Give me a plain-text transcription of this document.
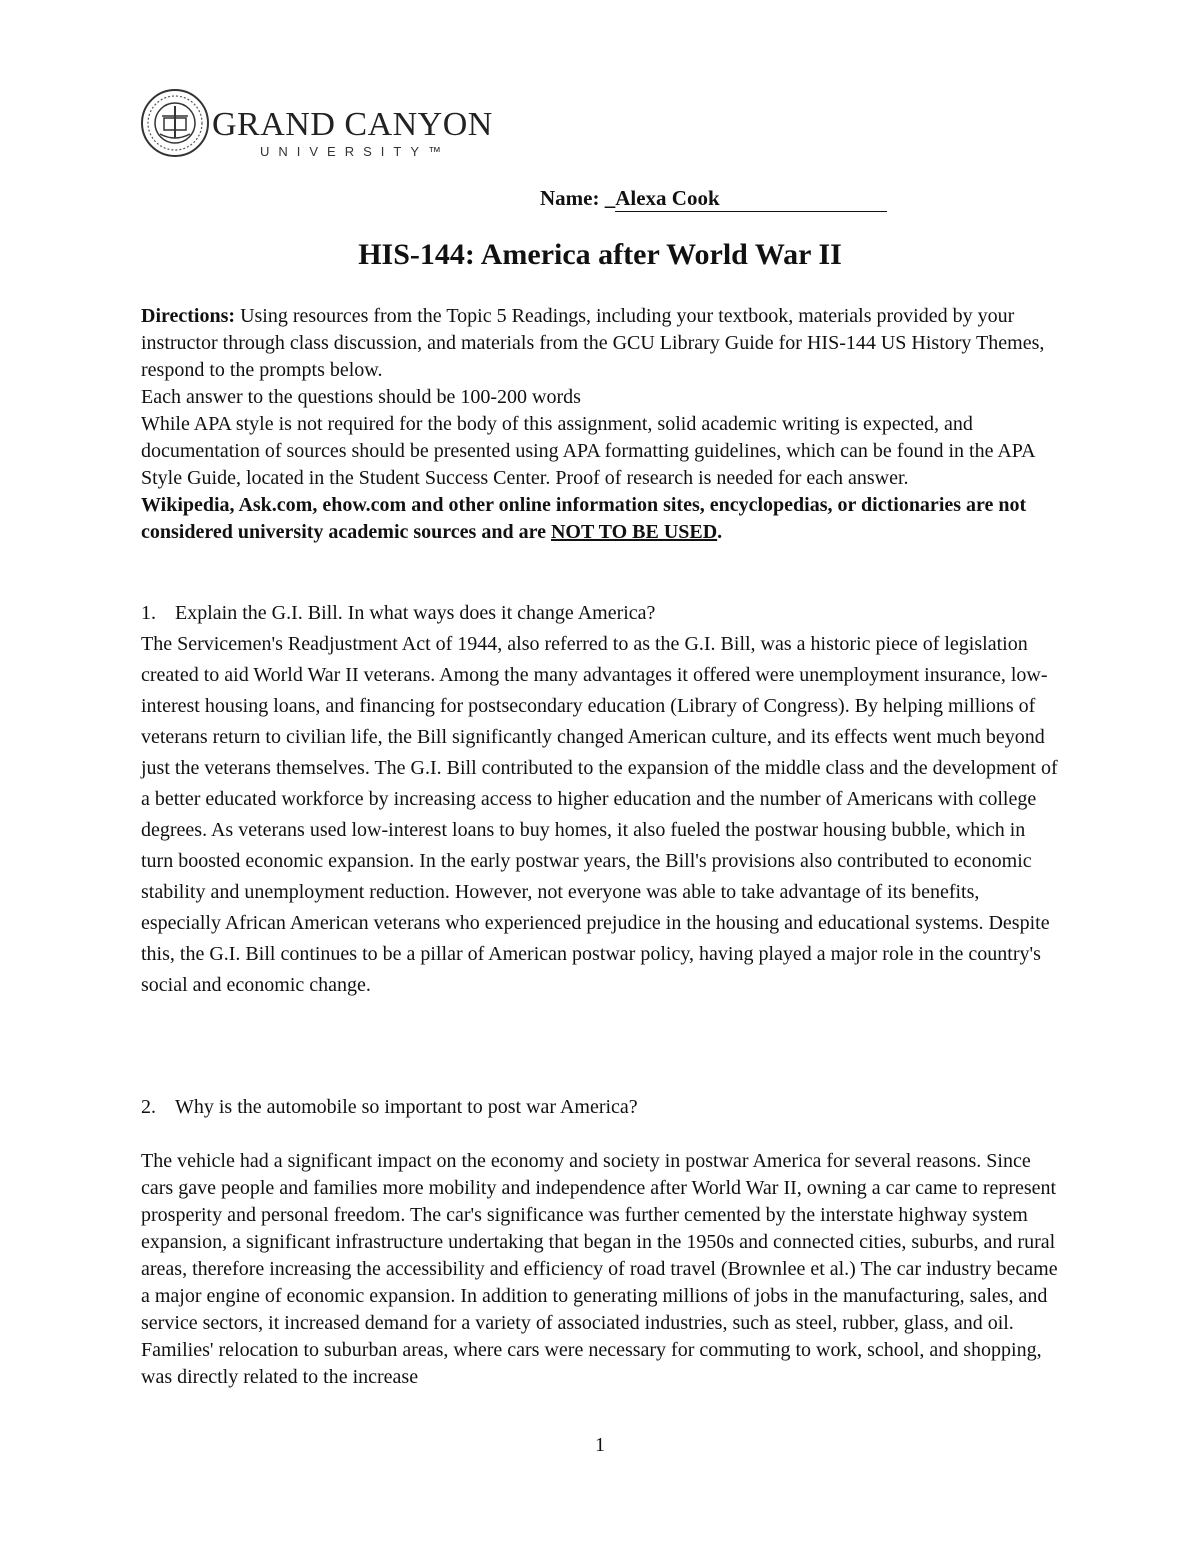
GRAND CANYON
UNIVERSITY™
Name: _Alexa Cook
HIS-144: America after World War II

Directions: Using resources from the Topic 5 Readings, including your textbook, materials provided by your instructor through class discussion, and materials from the GCU Library Guide for HIS-144 US History Themes, respond to the prompts below.

Each answer to the questions should be 100-200 words

While APA style is not required for the body of this assignment, solid academic writing is expected, and documentation of sources should be presented using APA formatting guidelines, which can be found in the APA Style Guide, located in the Student Success Center. Proof of research is needed for each answer.

Wikipedia, Ask.com, ehow.com and other online information sites, encyclopedias, or dictionaries are not considered university academic sources and are NOT TO BE USED.

1. Explain the G.I. Bill. In what ways does it change America?

The Servicemen's Readjustment Act of 1944, also referred to as the G.I. Bill, was a historic piece of legislation created to aid World War II veterans. Among the many advantages it offered were unemployment insurance, low-interest housing loans, and financing for postsecondary education (Library of Congress). By helping millions of veterans return to civilian life, the Bill significantly changed American culture, and its effects went much beyond just the veterans themselves. The G.I. Bill contributed to the expansion of the middle class and the development of a better educated workforce by increasing access to higher education and the number of Americans with college degrees. As veterans used low-interest loans to buy homes, it also fueled the postwar housing bubble, which in turn boosted economic expansion. In the early postwar years, the Bill's provisions also contributed to economic stability and unemployment reduction. However, not everyone was able to take advantage of its benefits, especially African American veterans who experienced prejudice in the housing and educational systems. Despite this, the G.I. Bill continues to be a pillar of American postwar policy, having played a major role in the country's social and economic change.

2. Why is the automobile so important to post war America?

The vehicle had a significant impact on the economy and society in postwar America for several reasons. Since cars gave people and families more mobility and independence after World War II, owning a car came to represent prosperity and personal freedom. The car's significance was further cemented by the interstate highway system expansion, a significant infrastructure undertaking that began in the 1950s and connected cities, suburbs, and rural areas, therefore increasing the accessibility and efficiency of road travel (Brownlee et al.) The car industry became a major engine of economic expansion. In addition to generating millions of jobs in the manufacturing, sales, and service sectors, it increased demand for a variety of associated industries, such as steel, rubber, glass, and oil. Families' relocation to suburban areas, where cars were necessary for commuting to work, school, and shopping, was directly related to the increase

1
